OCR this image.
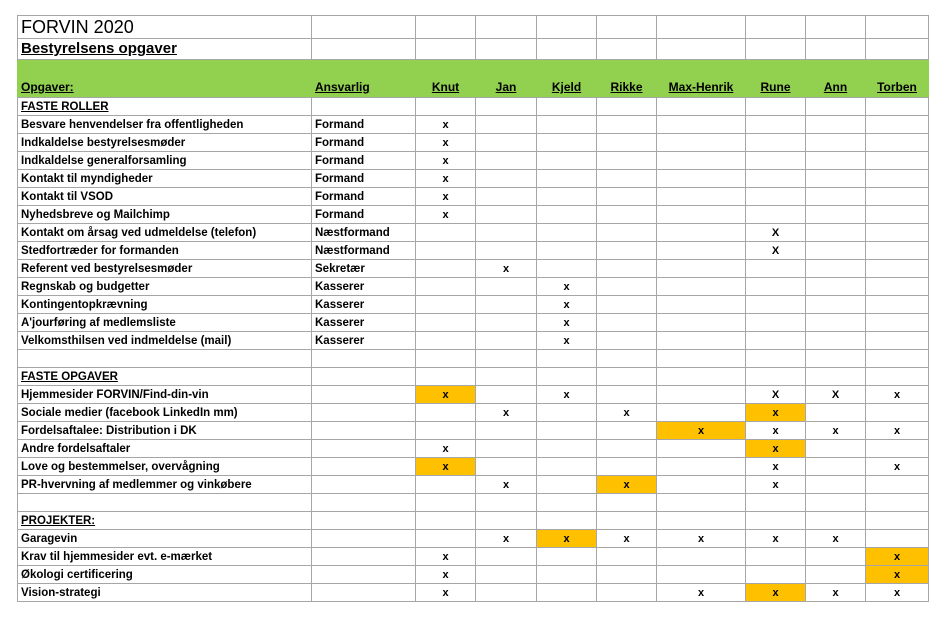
FORVIN 2020									
Bestyrelsens opgaver									

Opgaver:	Ansvarlig	Knut	Jan	Kjeld	Rikke	Max-Henrik	Rune	Ann	Torben
FASTE ROLLER									
Besvare henvendelser fra offentligheden	Formand	x							
Indkaldelse bestyrelsesmøder	Formand	x							
Indkaldelse generalforsamling	Formand	x							
Kontakt til myndigheder	Formand	x							
Kontakt til VSOD	Formand	x							
Nyhedsbreve og Mailchimp	Formand	x							
Kontakt om årsag ved udmeldelse (telefon)	Næstformand						X		
Stedfortræder for formanden	Næstformand						X		
Referent ved bestyrelsesmøder	Sekretær		x						
Regnskab og budgetter	Kasserer			x					
Kontingentopkrævning	Kasserer			x					
A'jourføring af medlemsliste	Kasserer			x					
Velkomsthilsen ved indmeldelse (mail)	Kasserer			x					

FASTE OPGAVER									
Hjemmesider FORVIN/Find-din-vin		x		x			X	X	x
Sociale medier (facebook LinkedIn mm)			x		x		x		
Fordelsaftalee: Distribution i DK						x	x	x	x
Andre fordelsaftaler		x					x		
Love og bestemmelser, overvågning		x					x		x
PR-hvervning af medlemmer og vinkøbere			x		x		x		

PROJEKTER:									
Garagevin			x	x	x	x	x	x	
Krav til hjemmesider evt. e-mærket		x							x
Økologi certificering		x							x
Vision-strategi		x				x	x	x	x
